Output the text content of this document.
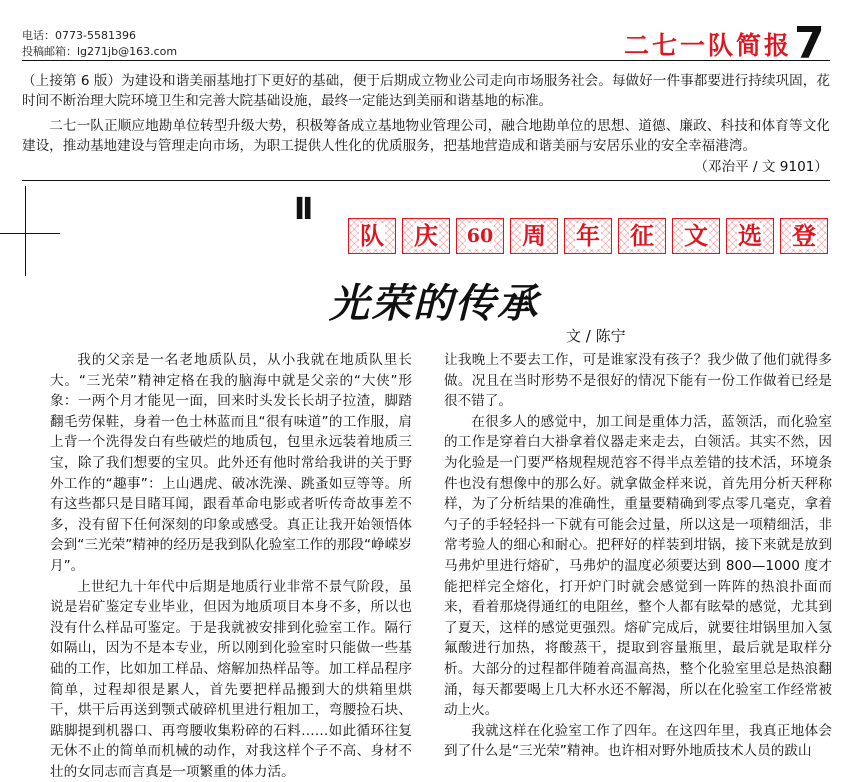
电话：0773-5581396
投稿邮箱：lg271jb@163.com	二七一队简报 7

（上接第 6 版）为建设和谐美丽基地打下更好的基础，便于后期成立物业公司走向市场服务社会。每做好一件事都要进行持续巩固，花时间不断治理大院环境卫生和完善大院基础设施，最终一定能达到美丽和谐基地的标准。

二七一队正顺应地勘单位转型升级大势，积极筹备成立基地物业管理公司，融合地勘单位的思想、道德、廉政、科技和体育等文化建设，推动基地建设与管理走向市场，为职工提供人性化的优质服务，把基地营造成和谐美丽与安居乐业的安全幸福港湾。

（邓治平 / 文 9101）
II
队 庆 60 周 年 征 文 选 登
光荣的传承
文 / 陈宁

我的父亲是一名老地质队员，从小我就在地质队里长大。“三光荣”精神定格在我的脑海中就是父亲的“大侠”形象：一两个月才能见一面，回来时头发长长胡子拉渣，脚踏翻毛劳保鞋，身着一色士林蓝而且“很有味道”的工作服，肩上背一个洗得发白有些破烂的地质包，包里永远装着地质三宝，除了我们想要的宝贝。此外还有他时常给我讲的关于野外工作的“趣事”：上山遇虎、破冰洗澡、跳蚤如豆等等。所有这些都只是目睹耳闻，跟看革命电影或者听传奇故事差不多，没有留下任何深刻的印象或感受。真正让我开始领悟体会到“三光荣”精神的经历是我到队化验室工作的那段“峥嵘岁月”。

上世纪九十年代中后期是地质行业非常不景气阶段，虽说是岩矿鉴定专业毕业，但因为地质项目本身不多，所以也没有什么样品可鉴定。于是我就被安排到化验室工作。隔行如隔山，因为不是本专业，所以刚到化验室时只能做一些基础的工作，比如加工样品、熔解加热样品等。加工样品程序简单，过程却很是累人，首先要把样品搬到大的烘箱里烘干，烘干后再送到颚式破碎机里进行粗加工，弯腰捡石块、踮脚提到机器口、再弯腰收集粉碎的石料……如此循环往复无休不止的简单而机械的动作，对我这样个子不高、身材不壮的女同志而言真是一项繁重的体力活。

让我晚上不要去工作，可是谁家没有孩子？我少做了他们就得多做。况且在当时形势不是很好的情况下能有一份工作做着已经是很不错了。

在很多人的感觉中，加工间是重体力活，蓝领活，而化验室的工作是穿着白大褂拿着仪器走来走去，白领活。其实不然，因为化验是一门要严格规程规范容不得半点差错的技术活，环境条件也没有想像中的那么好。就拿做金样来说，首先用分析天秤称样，为了分析结果的准确性，重量要精确到零点零几毫克，拿着勺子的手轻轻抖一下就有可能会过量，所以这是一项精细活，非常考验人的细心和耐心。把秤好的样装到坩锅，接下来就是放到马弗炉里进行熔矿，马弗炉的温度必须要达到 800—1000 度才能把样完全熔化，打开炉门时就会感觉到一阵阵的热浪扑面而来，看着那烧得通红的电阻丝，整个人都有眩晕的感觉，尤其到了夏天，这样的感觉更强烈。熔矿完成后，就要往坩锅里加入氢氟酸进行加热，将酸蒸干，提取到容量瓶里，最后就是取样分析。大部分的过程都伴随着高温高热，整个化验室里总是热浪翻涌，每天都要喝上几大杯水还不解渴，所以在化验室工作经常被动上火。

我就这样在化验室工作了四年。在这四年里，我真正地体会到了什么是“三光荣”精神。也许相对野外地质技术人员的跋山
